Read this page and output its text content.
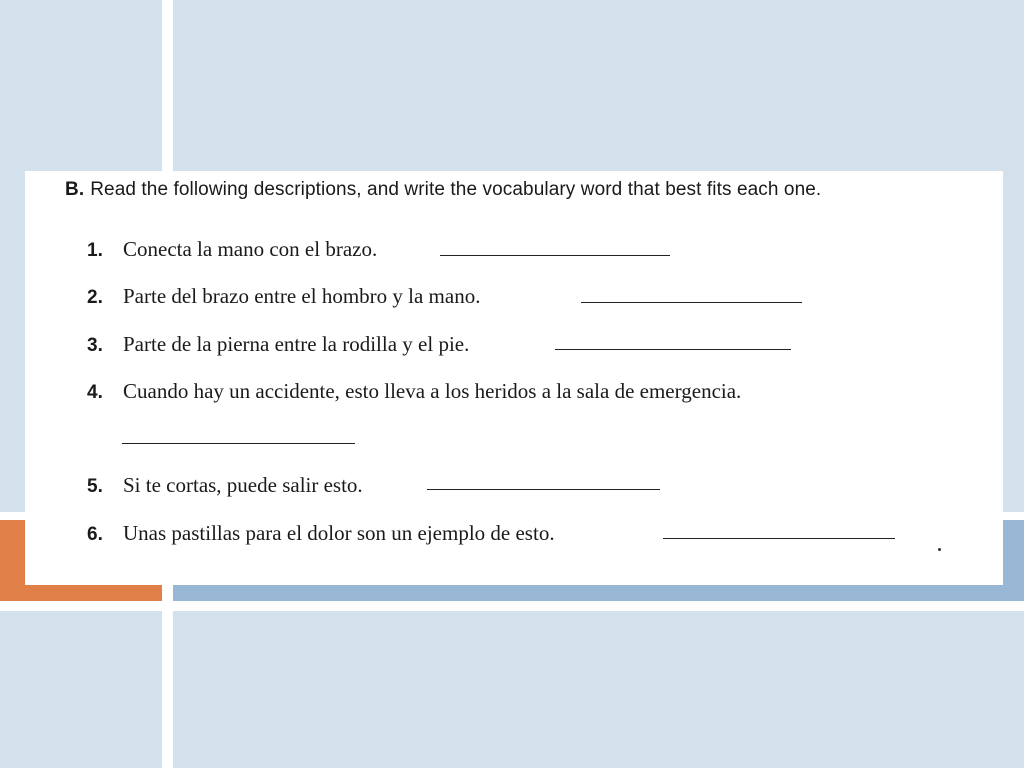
B. Read the following descriptions, and write the vocabulary word that best fits each one.
1. Conecta la mano con el brazo.
2. Parte del brazo entre el hombro y la mano.
3. Parte de la pierna entre la rodilla y el pie.
4. Cuando hay un accidente, esto lleva a los heridos a la sala de emergencia.
5. Si te cortas, puede salir esto.
6. Unas pastillas para el dolor son un ejemplo de esto.
